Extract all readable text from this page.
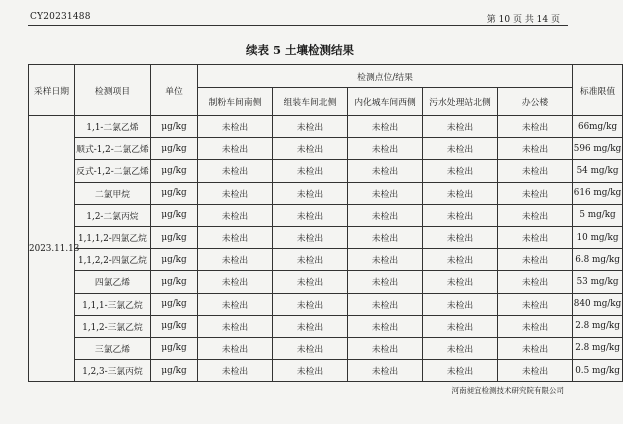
CY20231488	第 10 页 共 14 页
续表 5 土壤检测结果
采样日期	检测项目	单位	检测点位/结果					标准限值
			制粉车间南侧	组装车间北侧	内化城车间西侧	污水处理站北侧	办公楼	
2023.11.13	1,1-二氯乙烯	μg/kg	未检出	未检出	未检出	未检出	未检出	66mg/kg
	顺式-1,2-二氯乙烯	μg/kg	未检出	未检出	未检出	未检出	未检出	596 mg/kg
	反式-1,2-二氯乙烯	μg/kg	未检出	未检出	未检出	未检出	未检出	54 mg/kg
	二氯甲烷	μg/kg	未检出	未检出	未检出	未检出	未检出	616 mg/kg
	1,2-二氯丙烷	μg/kg	未检出	未检出	未检出	未检出	未检出	5 mg/kg
	1,1,1,2-四氯乙烷	μg/kg	未检出	未检出	未检出	未检出	未检出	10 mg/kg
	1,1,2,2-四氯乙烷	μg/kg	未检出	未检出	未检出	未检出	未检出	6.8 mg/kg
	四氯乙烯	μg/kg	未检出	未检出	未检出	未检出	未检出	53 mg/kg
	1,1,1-三氯乙烷	μg/kg	未检出	未检出	未检出	未检出	未检出	840 mg/kg
	1,1,2-三氯乙烷	μg/kg	未检出	未检出	未检出	未检出	未检出	2.8 mg/kg
	三氯乙烯	μg/kg	未检出	未检出	未检出	未检出	未检出	2.8 mg/kg
	1,2,3-三氯丙烷	μg/kg	未检出	未检出	未检出	未检出	未检出	0.5 mg/kg
河南昶宜检测技术研究院有限公司
